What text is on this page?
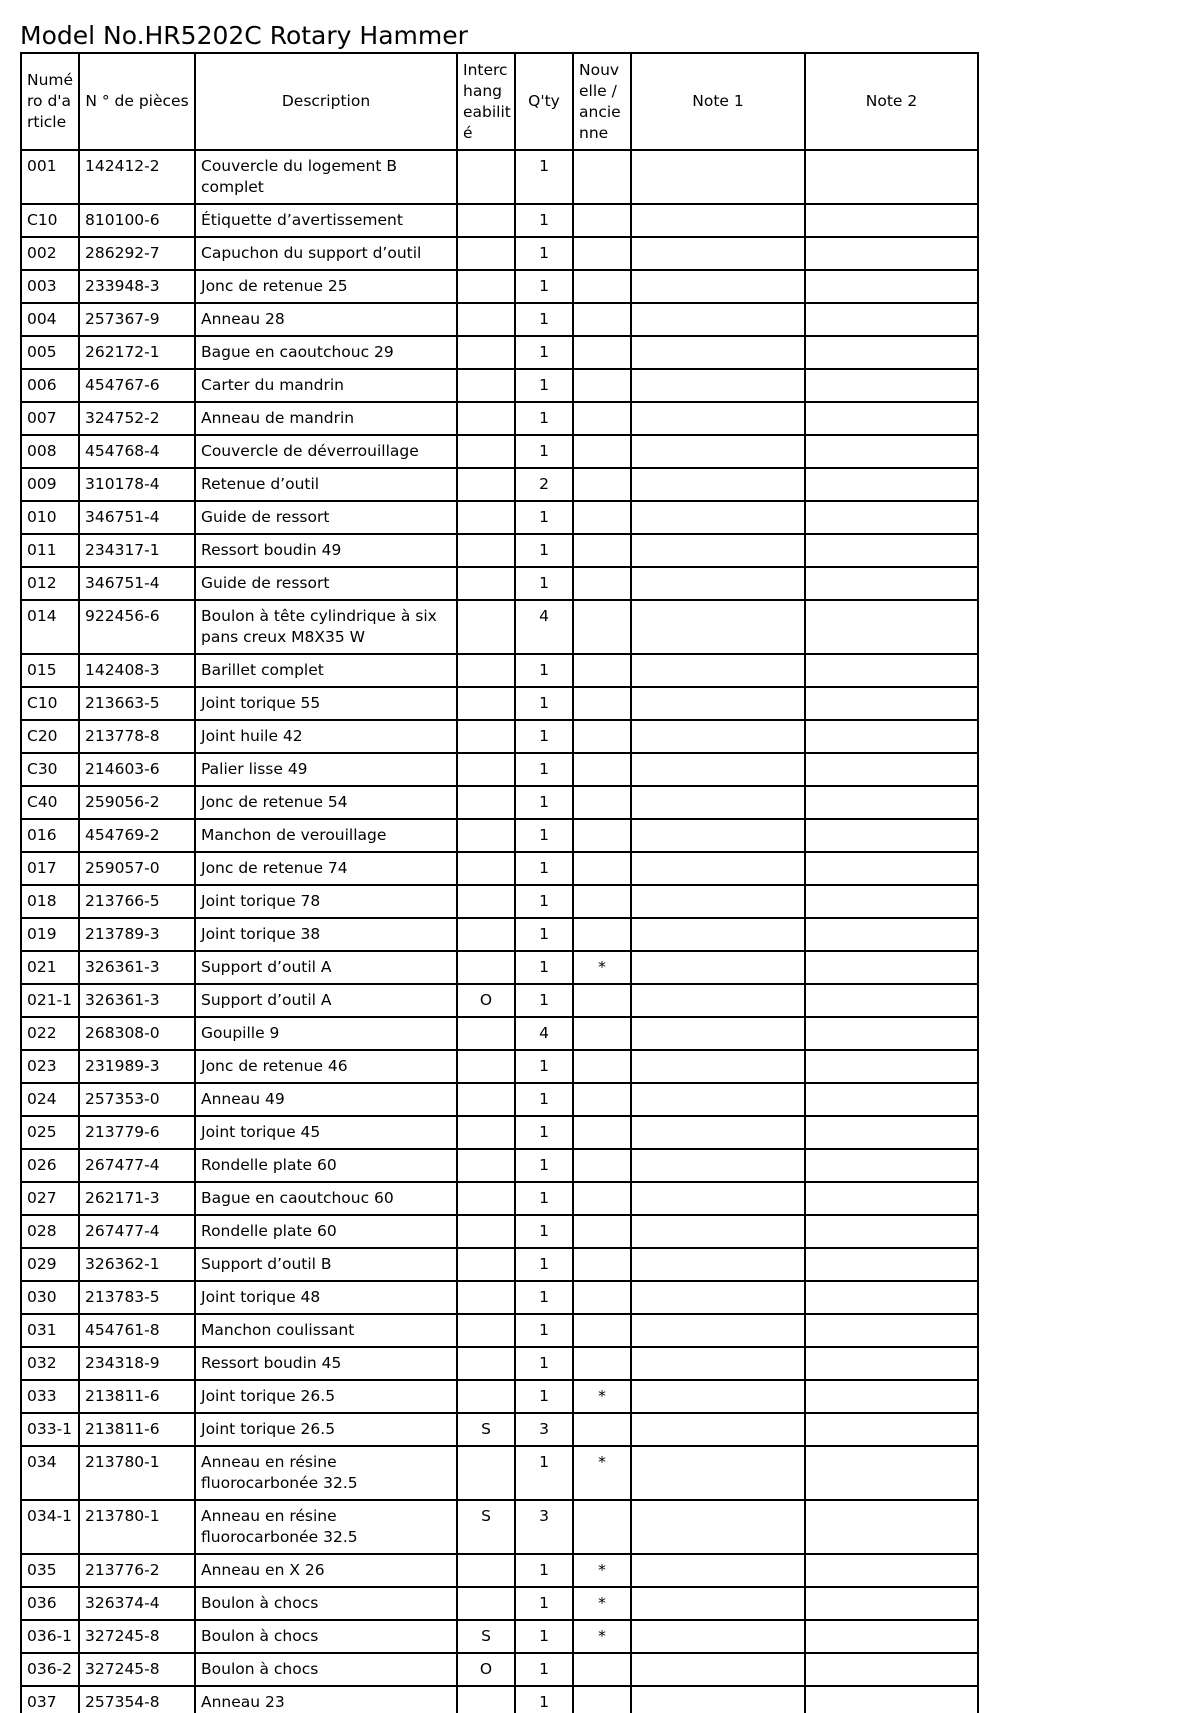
Model No.HR5202C Rotary Hammer
Numé ro d'a rticle	N ° de pièces	Description	Interc hang eabilit é	Q'ty	Nouv elle / ancie nne	Note 1	Note 2
001	142412-2	Couvercle du logement B complet		1			
C10	810100-6	Étiquette d’avertissement		1			
002	286292-7	Capuchon du support d’outil		1			
003	233948-3	Jonc de retenue 25		1			
004	257367-9	Anneau 28		1			
005	262172-1	Bague en caoutchouc 29		1			
006	454767-6	Carter du mandrin		1			
007	324752-2	Anneau de mandrin		1			
008	454768-4	Couvercle de déverrouillage		1			
009	310178-4	Retenue d’outil		2			
010	346751-4	Guide de ressort		1			
011	234317-1	Ressort boudin 49		1			
012	346751-4	Guide de ressort		1			
014	922456-6	Boulon à tête cylindrique à six pans creux M8X35 W		4			
015	142408-3	Barillet complet		1			
C10	213663-5	Joint torique 55		1			
C20	213778-8	Joint huile 42		1			
C30	214603-6	Palier lisse 49		1			
C40	259056-2	Jonc de retenue 54		1			
016	454769-2	Manchon de verouillage		1			
017	259057-0	Jonc de retenue 74		1			
018	213766-5	Joint torique 78		1			
019	213789-3	Joint torique 38		1			
021	326361-3	Support d’outil A		1	*		
021-1	326361-3	Support d’outil A	O	1			
022	268308-0	Goupille 9		4			
023	231989-3	Jonc de retenue 46		1			
024	257353-0	Anneau 49		1			
025	213779-6	Joint torique 45		1			
026	267477-4	Rondelle plate 60		1			
027	262171-3	Bague en caoutchouc 60		1			
028	267477-4	Rondelle plate 60		1			
029	326362-1	Support d’outil B		1			
030	213783-5	Joint torique 48		1			
031	454761-8	Manchon coulissant		1			
032	234318-9	Ressort boudin 45		1			
033	213811-6	Joint torique 26.5		1	*		
033-1	213811-6	Joint torique 26.5	S	3			
034	213780-1	Anneau en résine fluorocarbonée 32.5		1	*		
034-1	213780-1	Anneau en résine fluorocarbonée 32.5	S	3			
035	213776-2	Anneau en X 26		1	*		
036	326374-4	Boulon à chocs		1	*		
036-1	327245-8	Boulon à chocs	S	1	*		
036-2	327245-8	Boulon à chocs	O	1			
037	257354-8	Anneau 23		1			
